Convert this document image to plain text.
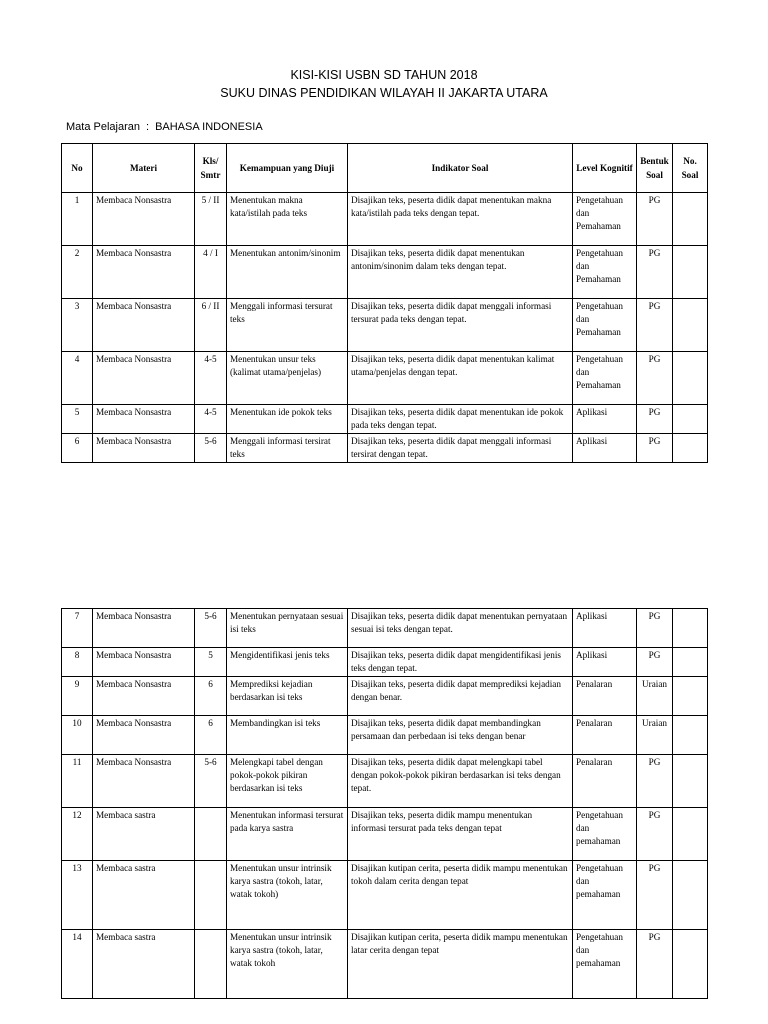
KISI-KISI USBN SD TAHUN 2018
SUKU DINAS PENDIDIKAN WILAYAH II JAKARTA UTARA
Mata Pelajaran : BAHASA INDONESIA
No	Materi	Kls/ Smtr	Kemampuan yang Diuji	Indikator Soal	Level Kognitif	Bentuk Soal	No. Soal
1	Membaca Nonsastra	5 / II	Menentukan makna kata/istilah pada teks	Disajikan teks, peserta didik dapat menentukan makna kata/istilah pada teks dengan tepat.	Pengetahuan dan Pemahaman	PG	
2	Membaca Nonsastra	4 / I	Menentukan antonim/sinonim	Disajikan teks, peserta didik dapat menentukan antonim/sinonim dalam teks dengan tepat.	Pengetahuan dan Pemahaman	PG	
3	Membaca Nonsastra	6 / II	Menggali informasi tersurat teks	Disajikan teks, peserta didik dapat menggali informasi tersurat pada teks dengan tepat.	Pengetahuan dan Pemahaman	PG	
4	Membaca Nonsastra	4-5	Menentukan unsur teks (kalimat utama/penjelas)	Disajikan teks, peserta didik dapat menentukan kalimat utama/penjelas dengan tepat.	Pengetahuan dan Pemahaman	PG	
5	Membaca Nonsastra	4-5	Menentukan ide pokok teks	Disajikan teks, peserta didik dapat menentukan ide pokok pada teks dengan tepat.	Aplikasi	PG	
6	Membaca Nonsastra	5-6	Menggali informasi tersirat teks	Disajikan teks, peserta didik dapat menggali informasi tersirat dengan tepat.	Aplikasi	PG	
7	Membaca Nonsastra	5-6	Menentukan pernyataan sesuai isi teks	Disajikan teks, peserta didik dapat menentukan pernyataan sesuai isi teks dengan tepat.	Aplikasi	PG	
8	Membaca Nonsastra	5	Mengidentifikasi jenis teks	Disajikan teks, peserta didik dapat mengidentifikasi jenis teks dengan tepat.	Aplikasi	PG	
9	Membaca Nonsastra	6	Memprediksi kejadian berdasarkan isi teks	Disajikan teks, peserta didik dapat memprediksi kejadian dengan benar.	Penalaran	Uraian	
10	Membaca Nonsastra	6	Membandingkan isi teks	Disajikan teks, peserta didik dapat membandingkan persamaan dan perbedaan isi teks dengan benar	Penalaran	Uraian	
11	Membaca Nonsastra	5-6	Melengkapi tabel dengan pokok-pokok pikiran berdasarkan isi teks	Disajikan teks, peserta didik dapat melengkapi tabel dengan pokok-pokok pikiran berdasarkan isi teks dengan tepat.	Penalaran	PG	
12	Membaca sastra		Menentukan informasi tersurat pada karya sastra	Disajikan teks, peserta didik mampu menentukan informasi tersurat pada teks dengan tepat	Pengetahuan dan pemahaman	PG	
13	Membaca sastra		Menentukan unsur intrinsik karya sastra (tokoh, latar, watak tokoh)	Disajikan kutipan cerita, peserta didik mampu menentukan tokoh dalam cerita dengan tepat	Pengetahuan dan pemahaman	PG	
14	Membaca sastra		Menentukan unsur intrinsik karya sastra (tokoh, latar, watak tokoh	Disajikan kutipan cerita, peserta didik mampu menentukan latar cerita dengan tepat	Pengetahuan dan pemahaman	PG	
